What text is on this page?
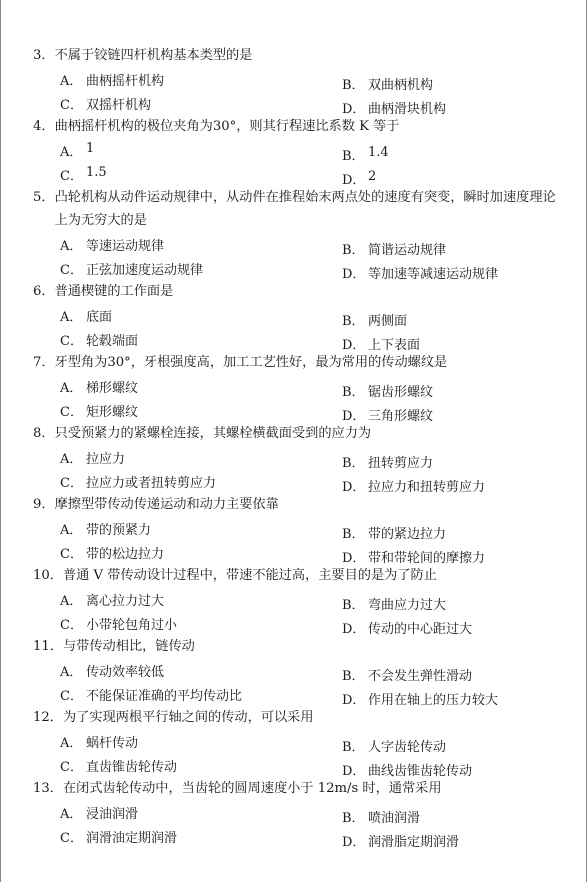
3． 不属于铰链四杆机构基本类型的是
A． 曲柄摇杆机构	B． 双曲柄机构
C． 双摇杆机构	D． 曲柄滑块机构
4． 曲柄摇杆机构的极位夹角为30°，则其行程速比系数 K 等于
A． 1
B． 1.4
C． 1.5
D． 2
5． 凸轮机构从动件运动规律中，从动件在推程始末两点处的速度有突变，瞬时加速度理论上为无穷大的是
A． 等速运动规律	B． 简谐运动规律
C． 正弦加速度运动规律	D． 等加速等减速运动规律
6． 普通楔键的工作面是
A． 底面	B． 两侧面
C． 轮毂端面	D． 上下表面
7． 牙型角为30°，牙根强度高，加工工艺性好，最为常用的传动螺纹是
A． 梯形螺纹	B． 锯齿形螺纹
C． 矩形螺纹	D． 三角形螺纹
8． 只受预紧力的紧螺栓连接，其螺栓横截面受到的应力为
A． 拉应力	B． 扭转剪应力
C． 拉应力或者扭转剪应力	D． 拉应力和扭转剪应力
9． 摩擦型带传动传递运动和动力主要依靠
A． 带的预紧力	B． 带的紧边拉力
C． 带的松边拉力	D． 带和带轮间的摩擦力
10． 普通 V 带传动设计过程中，带速不能过高，主要目的是为了防止
A． 离心拉力过大	B． 弯曲应力过大
C． 小带轮包角过小	D． 传动的中心距过大
11． 与带传动相比，链传动
A． 传动效率较低	B． 不会发生弹性滑动
C． 不能保证准确的平均传动比	D． 作用在轴上的压力较大
12． 为了实现两根平行轴之间的传动，可以采用
A． 蜗杆传动	B． 人字齿轮传动
C． 直齿锥齿轮传动	D． 曲线齿锥齿轮传动
13． 在闭式齿轮传动中，当齿轮的圆周速度小于 12m/s 时，通常采用
A． 浸油润滑	B． 喷油润滑
C． 润滑油定期润滑	D． 润滑脂定期润滑
